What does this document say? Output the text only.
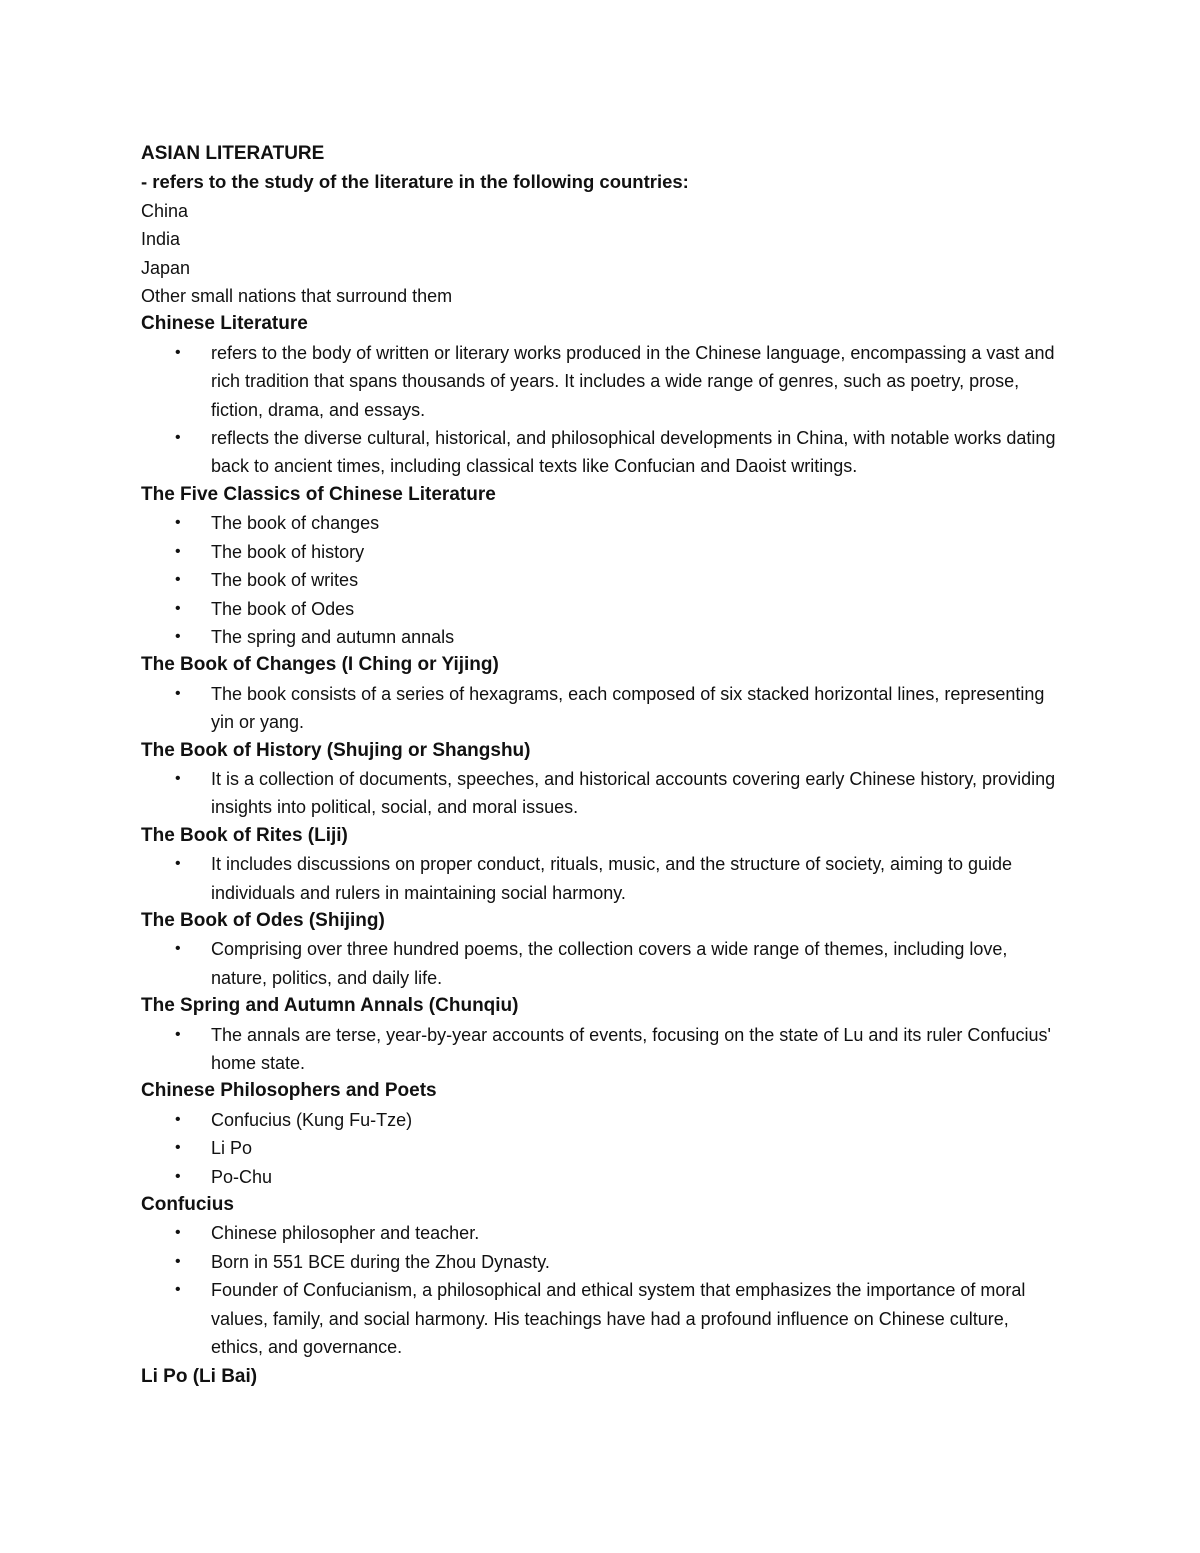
ASIAN LITERATURE

- refers to the study of the literature in the following countries:

China

India

Japan

Other small nations that surround them

Chinese Literature

• refers to the body of written or literary works produced in the Chinese language, encompassing a vast and rich tradition that spans thousands of years. It includes a wide range of genres, such as poetry, prose, fiction, drama, and essays.
• reflects the diverse cultural, historical, and philosophical developments in China, with notable works dating back to ancient times, including classical texts like Confucian and Daoist writings.

The Five Classics of Chinese Literature

• The book of changes
• The book of history
• The book of writes
• The book of Odes
• The spring and autumn annals

The Book of Changes (I Ching or Yijing)

• The book consists of a series of hexagrams, each composed of six stacked horizontal lines, representing yin or yang.

The Book of History (Shujing or Shangshu)

• It is a collection of documents, speeches, and historical accounts covering early Chinese history, providing insights into political, social, and moral issues.

The Book of Rites (Liji)

• It includes discussions on proper conduct, rituals, music, and the structure of society, aiming to guide individuals and rulers in maintaining social harmony.

The Book of Odes (Shijing)

• Comprising over three hundred poems, the collection covers a wide range of themes, including love, nature, politics, and daily life.

The Spring and Autumn Annals (Chunqiu)

• The annals are terse, year-by-year accounts of events, focusing on the state of Lu and its ruler Confucius' home state.

Chinese Philosophers and Poets

• Confucius (Kung Fu-Tze)
• Li Po
• Po-Chu

Confucius

• Chinese philosopher and teacher.
• Born in 551 BCE during the Zhou Dynasty.
• Founder of Confucianism, a philosophical and ethical system that emphasizes the importance of moral values, family, and social harmony. His teachings have had a profound influence on Chinese culture, ethics, and governance.

Li Po (Li Bai)
